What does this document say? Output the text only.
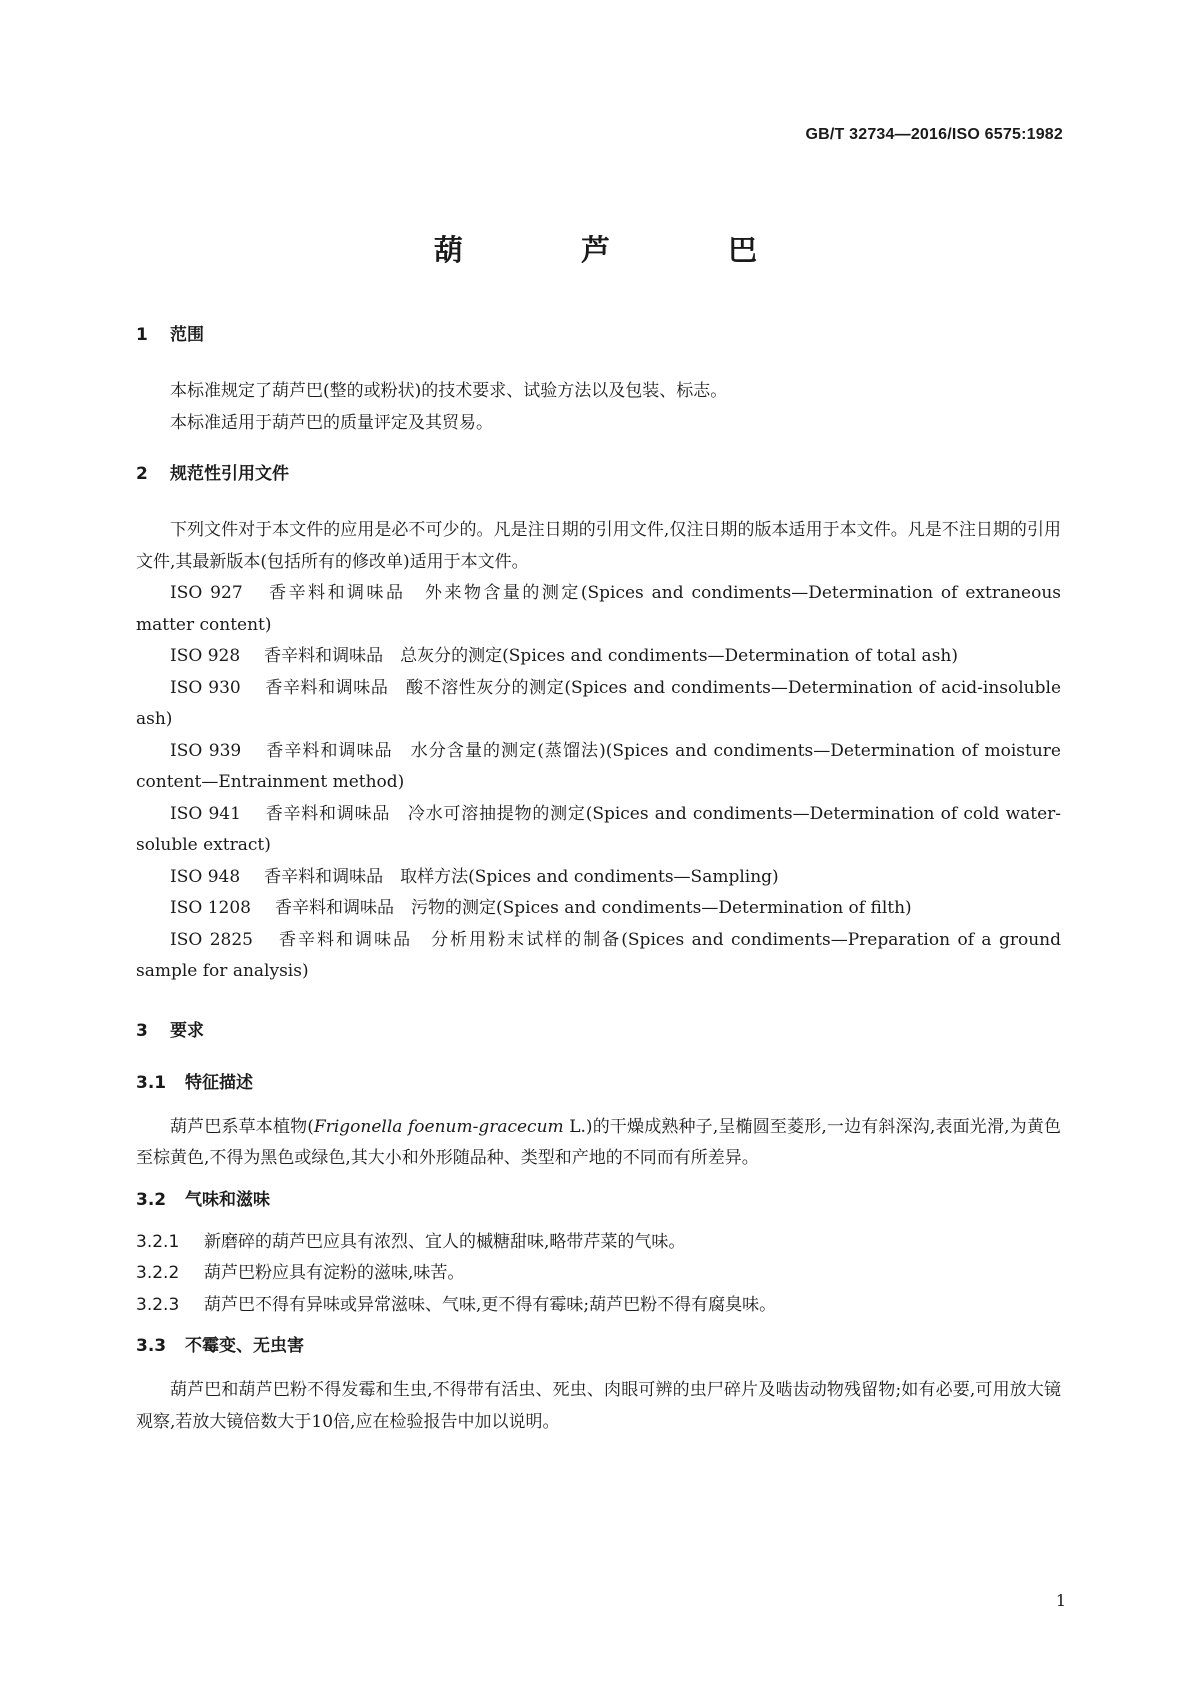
GB/T 32734—2016/ISO 6575:1982
葫 芦 巴
1 范围
本标准规定了葫芦巴(整的或粉状)的技术要求、试验方法以及包装、标志。
本标准适用于葫芦巴的质量评定及其贸易。
2 规范性引用文件
下列文件对于本文件的应用是必不可少的。凡是注日期的引用文件,仅注日期的版本适用于本文件。凡是不注日期的引用文件,其最新版本(包括所有的修改单)适用于本文件。
ISO 927 香辛料和调味品　外来物含量的测定(Spices and condiments—Determination of extraneous matter content)
ISO 928 香辛料和调味品　总灰分的测定(Spices and condiments—Determination of total ash)
ISO 930 香辛料和调味品　酸不溶性灰分的测定(Spices and condiments—Determination of acid-insoluble ash)
ISO 939 香辛料和调味品　水分含量的测定(蒸馏法)(Spices and condiments—Determination of moisture content—Entrainment method)
ISO 941 香辛料和调味品　冷水可溶抽提物的测定(Spices and condiments—Determination of cold water-soluble extract)
ISO 948 香辛料和调味品　取样方法(Spices and condiments—Sampling)
ISO 1208 香辛料和调味品　污物的测定(Spices and condiments—Determination of filth)
ISO 2825 香辛料和调味品　分析用粉末试样的制备(Spices and condiments—Preparation of a ground sample for analysis)
3 要求
3.1 特征描述
葫芦巴系草本植物(Frigonella foenum-gracecum L.)的干燥成熟种子,呈椭圆至菱形,一边有斜深沟,表面光滑,为黄色至棕黄色,不得为黑色或绿色,其大小和外形随品种、类型和产地的不同而有所差异。
3.2 气味和滋味
3.2.1 新磨碎的葫芦巴应具有浓烈、宜人的槭糖甜味,略带芹菜的气味。
3.2.2 葫芦巴粉应具有淀粉的滋味,味苦。
3.2.3 葫芦巴不得有异味或异常滋味、气味,更不得有霉味;葫芦巴粉不得有腐臭味。
3.3 不霉变、无虫害
葫芦巴和葫芦巴粉不得发霉和生虫,不得带有活虫、死虫、肉眼可辨的虫尸碎片及啮齿动物残留物;如有必要,可用放大镜观察,若放大镜倍数大于10倍,应在检验报告中加以说明。
1
